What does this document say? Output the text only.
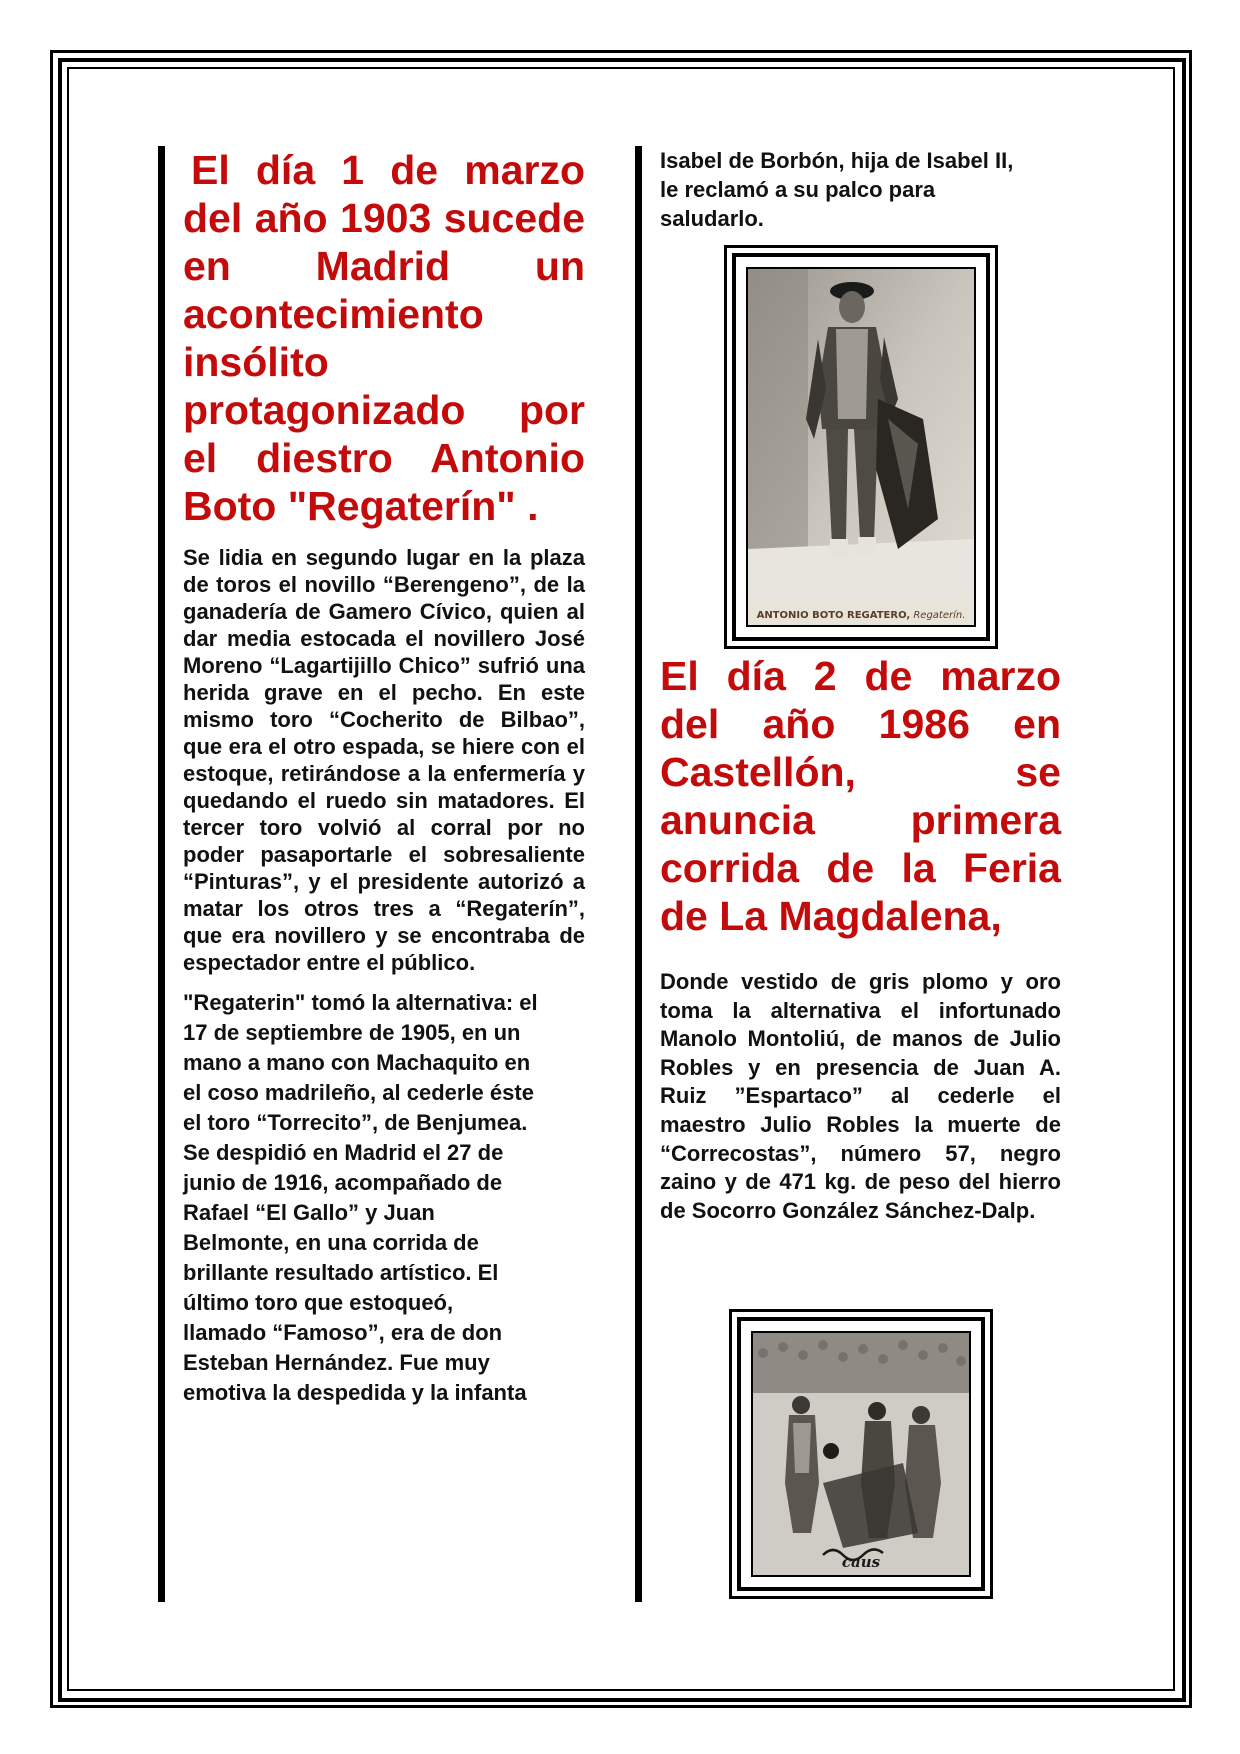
El día 1 de marzo del año 1903 sucede en Madrid un acontecimiento insólito protagonizado por el diestro Antonio Boto "Regaterín" .

Se lidia en segundo lugar en la plaza de toros el novillo “Berengeno”, de la ganadería de Gamero Cívico, quien al dar media estocada el novillero José Moreno “Lagartijillo Chico” sufrió una herida grave en el pecho. En este mismo toro “Cocherito de Bilbao”, que era el otro espada, se hiere con el estoque, retirándose a la enfermería y quedando el ruedo sin matadores. El tercer toro volvió al corral por no poder pasaportarle el sobresaliente “Pinturas”, y el presidente autorizó a matar los otros tres a “Regaterín”, que era novillero y se encontraba de espectador entre el público.

"Regaterin" tomó la alternativa: el
17 de septiembre de 1905, en un
mano a mano con Machaquito en
el coso madrileño, al cederle éste
el toro “Torrecito”, de Benjumea.
Se despidió en Madrid el 27 de
junio de 1916, acompañado de
Rafael “El Gallo” y Juan
Belmonte, en una corrida de
brillante resultado artístico. El
último toro que estoqueó,
llamado “Famoso”, era de don
Esteban Hernández. Fue muy
emotiva la despedida y la infanta
Isabel de Borbón, hija de Isabel II,
le reclamó a su palco para
saludarlo.
ANTONIO BOTO REGATERO, Regaterín.

El día 2 de marzo del año 1986 en Castellón, se anuncia primera corrida de la Feria de La Magdalena,

Donde vestido de gris plomo y oro toma la alternativa el infortunado Manolo Montoliú, de manos de Julio Robles y en presencia de Juan A. Ruiz ”Espartaco” al cederle el maestro Julio Robles la muerte de “Correcostas”, número 57, negro zaino y de 471 kg. de peso del hierro de Socorro González Sánchez-Dalp.

caus
